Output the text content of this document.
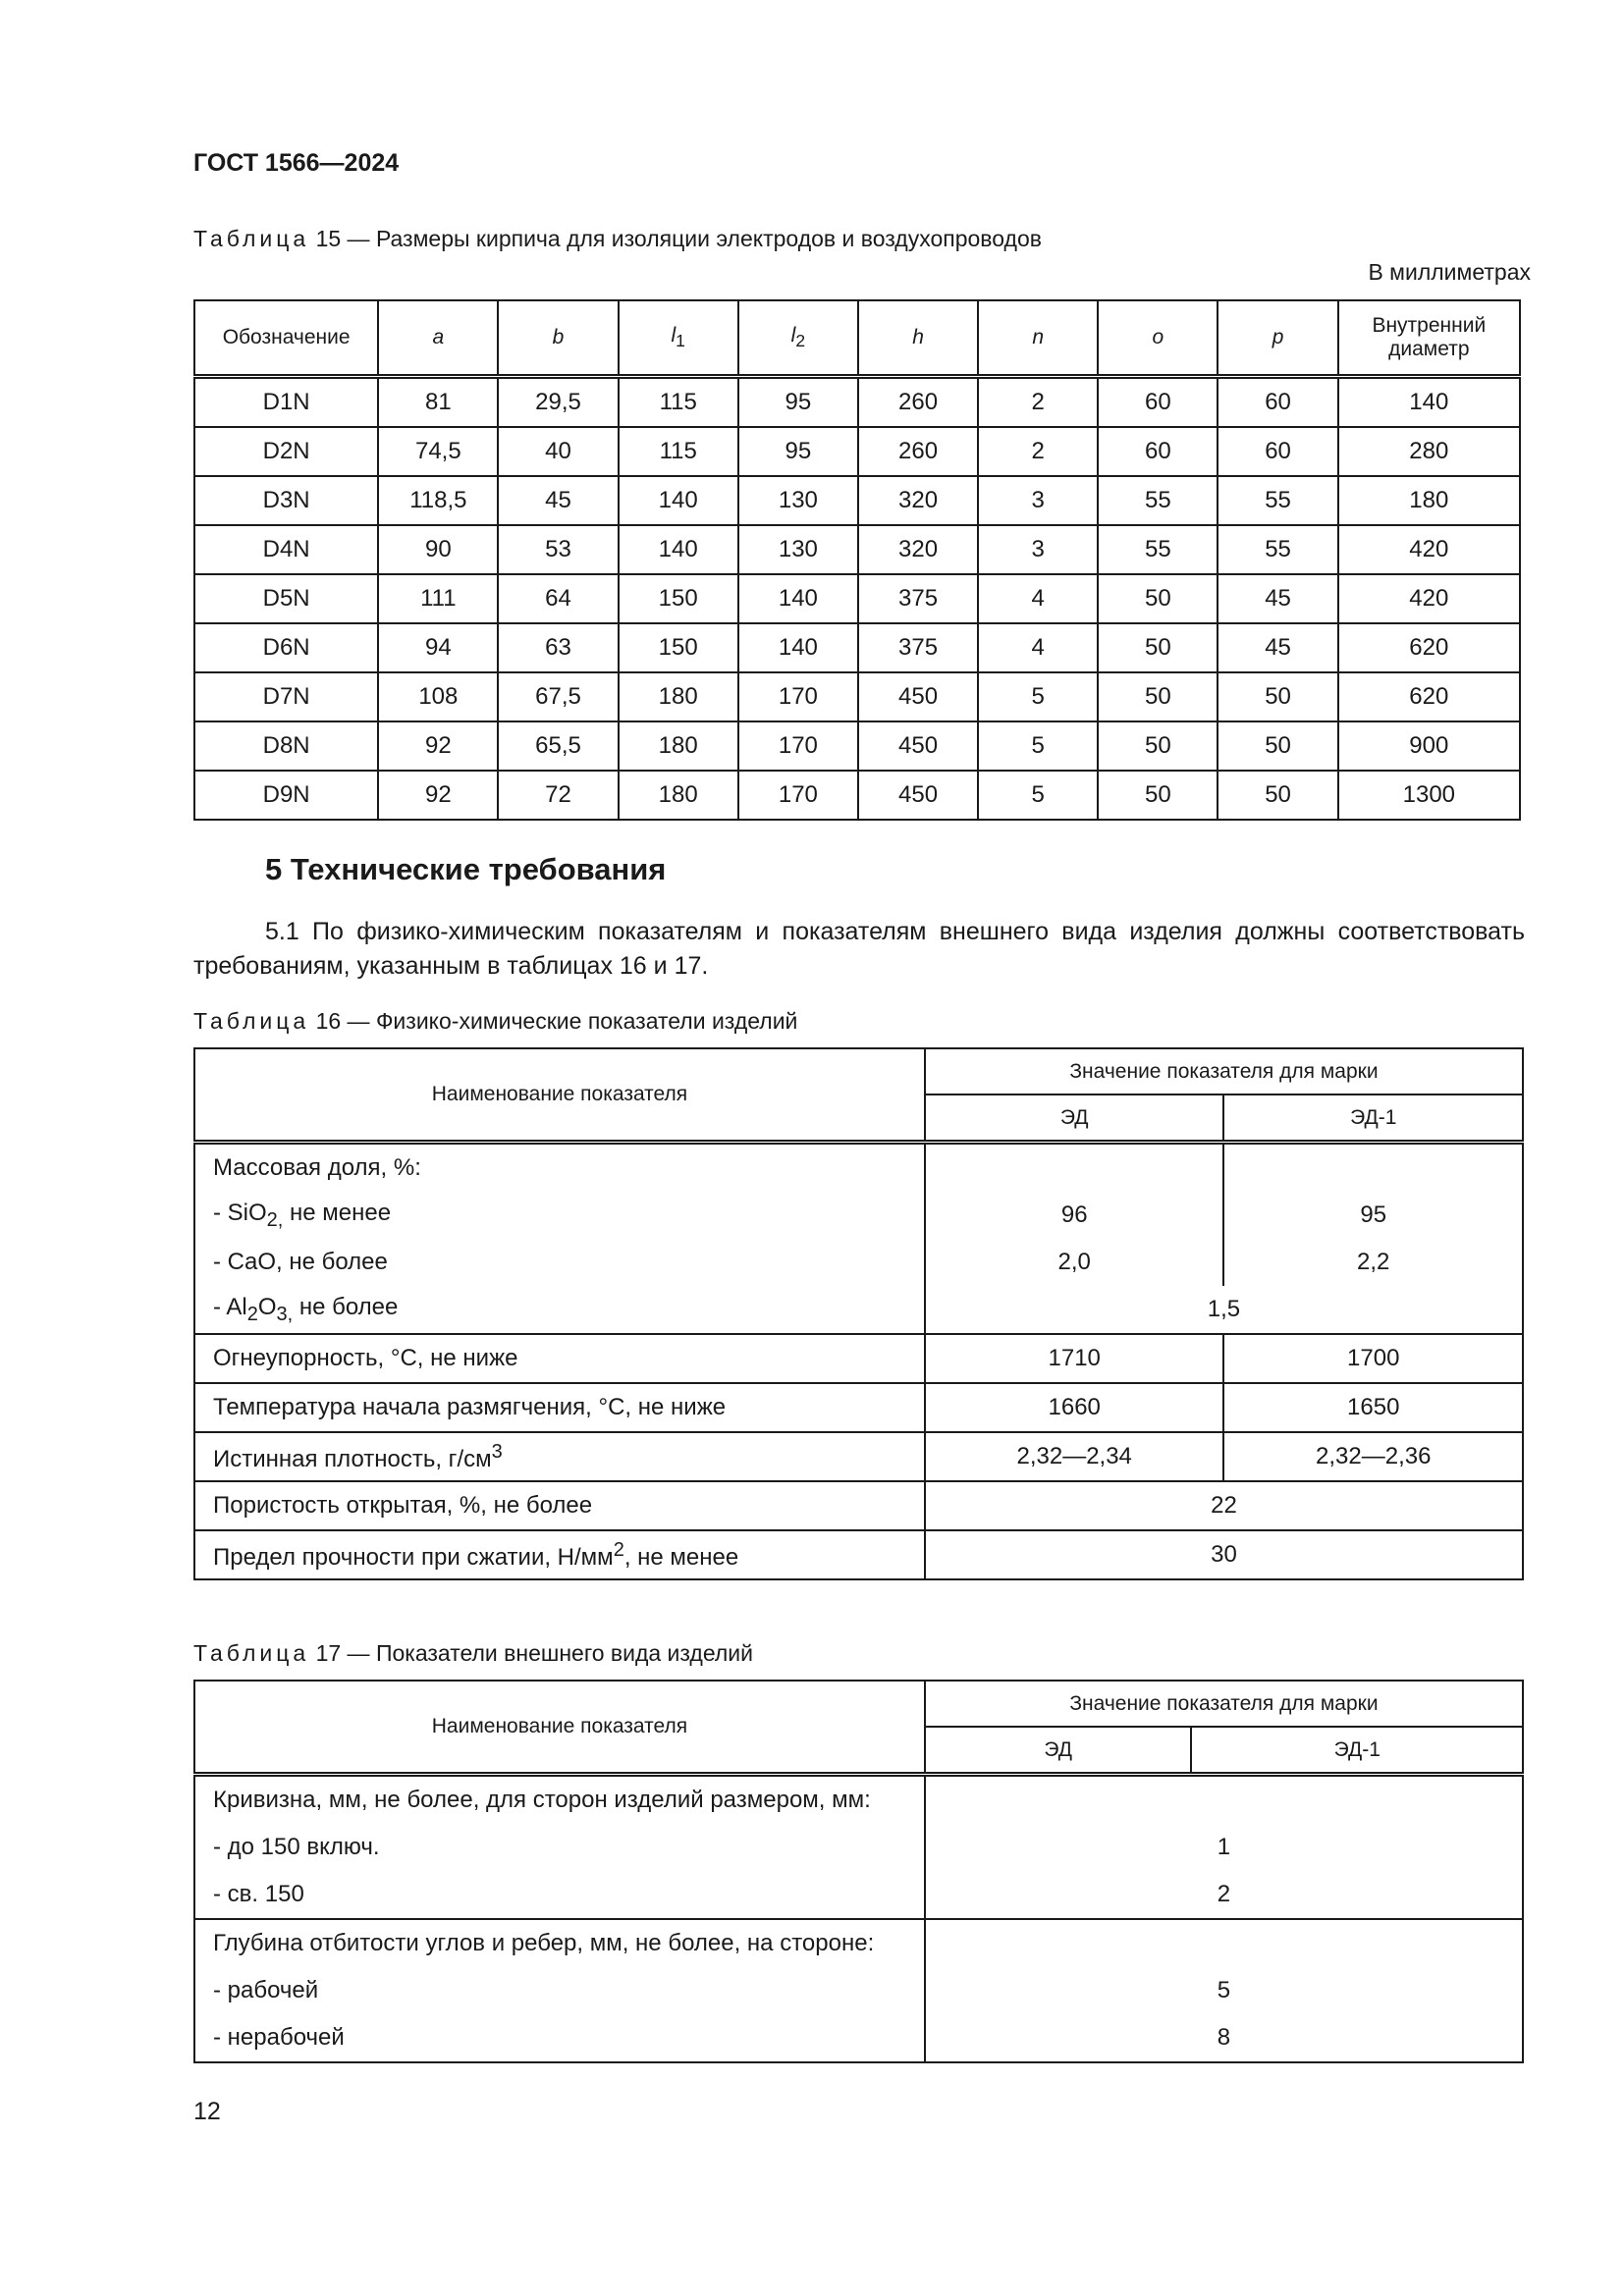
ГОСТ 1566—2024
Таблица 15 — Размеры кирпича для изоляции электродов и воздухопроводов
В миллиметрах
Обозначение	a	b	$l_1$	$l_2$	h	n	o	p	Внутренний диаметр
D1N	81	29,5	115	95	260	2	60	60	140
D2N	74,5	40	115	95	260	2	60	60	280
D3N	118,5	45	140	130	320	3	55	55	180
D4N	90	53	140	130	320	3	55	55	420
D5N	111	64	150	140	375	4	50	45	420
D6N	94	63	150	140	375	4	50	45	620
D7N	108	67,5	180	170	450	5	50	50	620
D8N	92	65,5	180	170	450	5	50	50	900
D9N	92	72	180	170	450	5	50	50	1300
5 Технические требования
5.1 По физико-химическим показателям и показателям внешнего вида изделия должны соответствовать требованиям, указанным в таблицах 16 и 17.
Таблица 16 — Физико-химические показатели изделий
Наименование показателя	Значение показателя для марки	
	ЭД	ЭД-1
Массовая доля, %:		
- SiO$_{2,}$ не менее	96	95
- CaO, не более	2,0	2,2
- $Al_2O_{3,}$ не более	1,5	
Огнеупорность, °С, не ниже	1710	1700
Температура начала размягчения, °С, не ниже	1660	1650
Истинная плотность, $г/см^3$	2,32—2,34	2,32—2,36
Пористость открытая, %, не более	22	
Предел прочности при сжатии, $Н/мм^2$, не менее	30	
Таблица 17 — Показатели внешнего вида изделий
Наименование показателя	Значение показателя для марки	
	ЭД	ЭД-1
Кривизна, мм, не более, для сторон изделий размером, мм:		
- до 150 включ.	1	
- св. 150	2	
Глубина отбитости углов и ребер, мм, не более, на стороне:		
- рабочей	5	
- нерабочей	8	
12
